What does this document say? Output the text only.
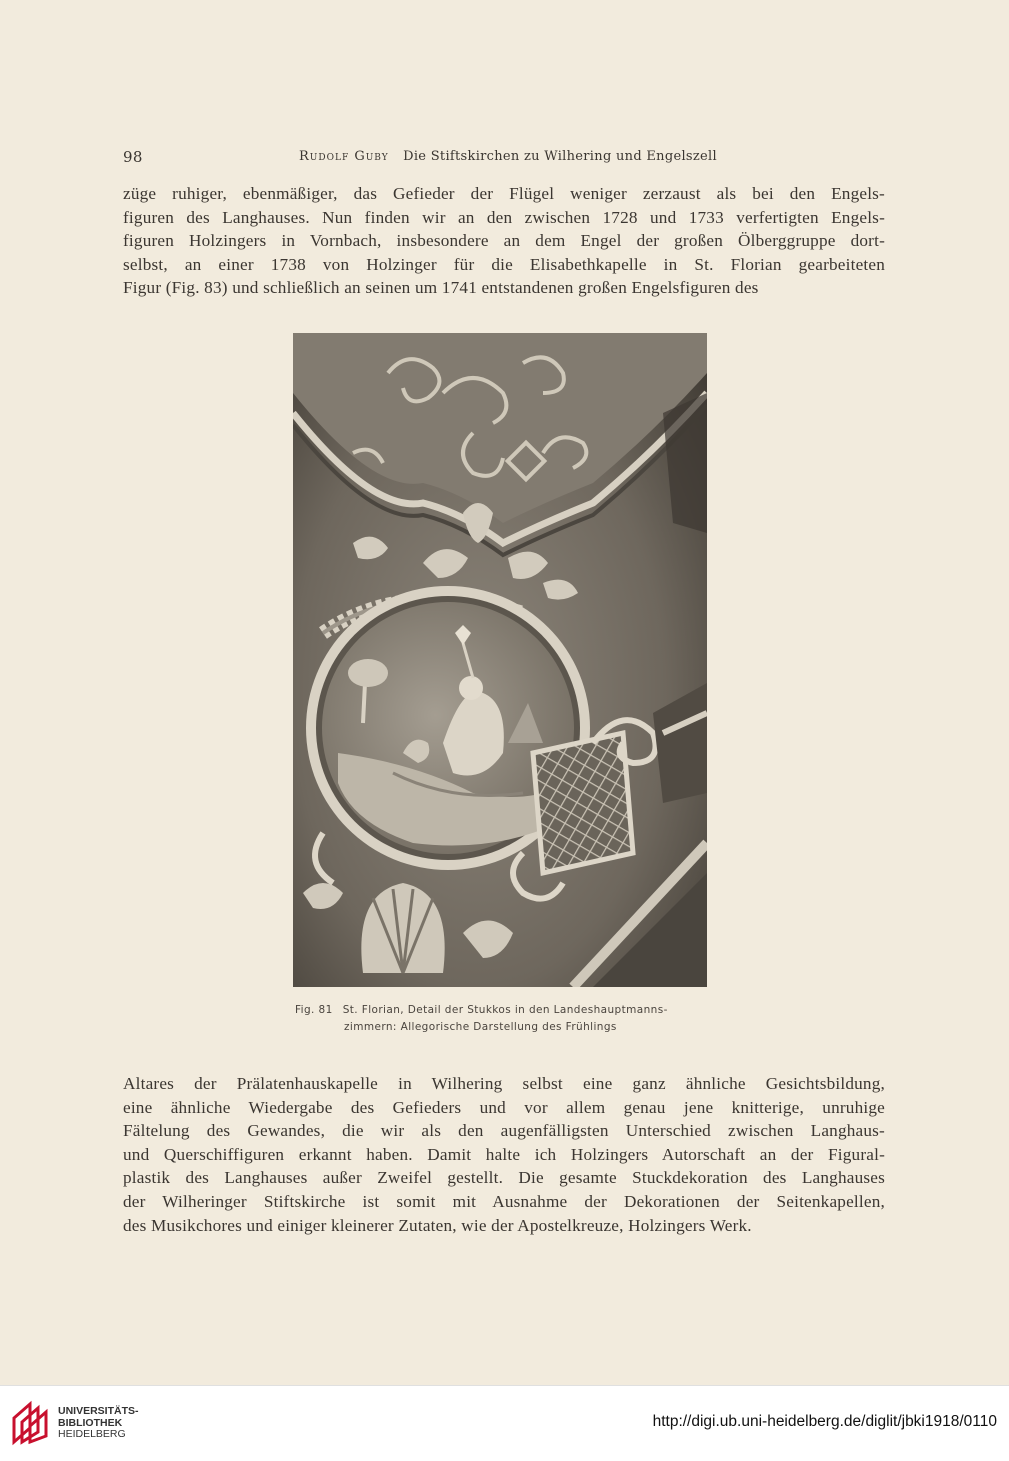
98	Rudolf Guby Die Stiftskirchen zu Wilhering und Engelszell
züge ruhiger, ebenmäßiger, das Gefieder der Flügel weniger zerzaust als bei den Engels-
figuren des Langhauses. Nun finden wir an den zwischen 1728 und 1733 verfertigten Engels-
figuren Holzingers in Vornbach, insbesondere an dem Engel der großen Ölberggruppe dort-
selbst, an einer 1738 von Holzinger für die Elisabethkapelle in St. Florian gearbeiteten
Figur (Fig. 83) und schließlich an seinen um 1741 entstandenen großen Engelsfiguren des
Fig. 81 St. Florian, Detail der Stukkos in den Landeshauptmanns-
zimmern: Allegorische Darstellung des Frühlings
Altares der Prälatenhauskapelle in Wilhering selbst eine ganz ähnliche Gesichtsbildung,
eine ähnliche Wiedergabe des Gefieders und vor allem genau jene knitterige, unruhige
Fältelung des Gewandes, die wir als den augenfälligsten Unterschied zwischen Langhaus-
und Querschiffiguren erkannt haben. Damit halte ich Holzingers Autorschaft an der Figural-
plastik des Langhauses außer Zweifel gestellt. Die gesamte Stuckdekoration des Langhauses
der Wilheringer Stiftskirche ist somit mit Ausnahme der Dekorationen der Seitenkapellen,
des Musikchores und einiger kleinerer Zutaten, wie der Apostelkreuze, Holzingers Werk.
UNIVERSITÄTS-
BIBLIOTHEK
HEIDELBERG
http://digi.ub.uni-heidelberg.de/diglit/jbki1918/0110
